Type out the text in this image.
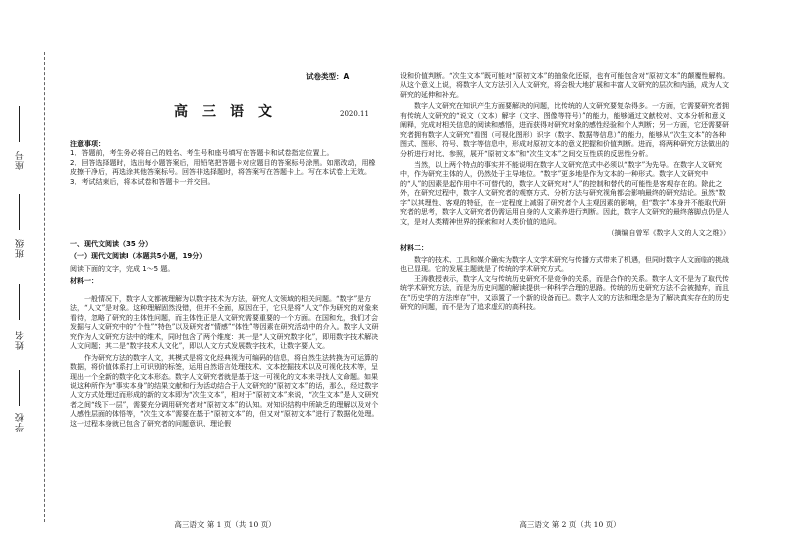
学校
姓名
班级
座号
试卷类型：A
高三语文	2020.11

注意事项：

1．答题前，考生务必将自己的姓名、考生号和座号填写在答题卡和试卷指定位置上。

2．回答选择题时，选出每小题答案后，用铅笔把答题卡对应题目的答案标号涂黑。如需改动，用橡皮擦干净后，再选涂其他答案标号。回答非选择题时，将答案写在答题卡上。写在本试卷上无效。

3．考试结束后，将本试卷和答题卡一并交回。

一、现代文阅读（35 分）

（一）现代文阅读Ⅰ（本题共5小题，19分）

阅读下面的文字，完成 1～5 题。

材料一：

一般情况下，数字人文都被理解为以数字技术为方法，研究人文领域的相关问题。“数字”是方法，“人文”是对象。这种理解固然没错，但并不全面，原因在于，它只是将“人文”作为研究的对象来看待，忽略了研究的主体性问题，而主体性正是人文研究需要重要的一个方面。在国和允，我们才会发掘与人文研究中的“个性”“特色”以及研究者“情感”“体性”等因素在研究活动中的介入。数字人文研究作为人文研究方法中的维术，同时包含了两个维度：其一是“人文研究数字化”，即用数字技术解决人文问题；其二是“数字技术人文化”，即以人文方式发展数字技术，让数字要人文。

作为研究方法的数字人文，其模式是将文化经典视为可编码的信息，将自然生法转换为可运算的数据，将价值体系打上可识别的标签，运用自然语言处理技术、文本挖掘技术以及可视化技术等，呈现出一个全新的数字化文本形态。数字人文研究者就是基于这一可视化的文本来寻找人文命题。如果说这种所作为“事实本身”的结果文献和行为活动结合于人文研究的“原初文本”的话，那么，经过数字人文方式处理过而形成的新的文本即为“次生文本”，相对于“原初文本”来说，“次生文本”是人文研究者之间“线下一层”，需要充分调用研究者对“原初文本”的认知。对知识结构中所缺乏的理解以及对个人感性层面的体悟等，“次生文本”需要在基于“原初文本”的，但又对“原初文本”进行了数据化处理。这一过程本身就已包含了研究者的问题意识、理论假

高三语文 第 1 页（共 10 页）

设和价值判断。“次生文本”既可能对“原初文本”的抽象化还原，也有可能包含对“原初文本”的颠覆性解构。从这个意义上说，将数字人文方法引入人文研究，将会极大地扩展和丰富人文研究的层次和内涵，成为人文研究的延伸和补充。

数字人文研究在知识产生方面要解决的问题，比传统的人文研究要复杂得多。一方面，它需要研究者拥有传统人文研究的“说文（文本）解字（文字、图像等符号）”的能力，能够通过文献校对、文本分析和意义阐释，完成对相关信息的阅读和感悟，进而获得对研究对象的感性经验和个人判断；另一方面，它还需要研究者拥有数字人文研究“看图（可视化图形）识字（数字、数据等信息）”的能力，能够从“次生文本”的各种图式、图形、符号、数字等信息中，形成对原初文本的意义把握和价值判断。进而，将两种研究方法做出的分析进行对比、参照，展开“原初文本”和“次生文本”之间交互性质的反思性分析。

当然，以上两个特点的事实并不能说明在数字人文研究范式中必须以“数字”为先导。在数字人文研究中，作为研究主体的人，仍然处于主导地位。“数字”更多地是作为文本的一种形式。数字人文研究中的“人”的因素是起作用中不可替代的，数字人文研究对“人”的控制和替代的可能性是客观存在的。除此之外，在研究过程中，数字人文研究者的观察方式、分析方法与研究视角都会影响最终的研究结论。虽然“数字”以其理性、客观的特征，在一定程度上减弱了研究者个人主观因素的影响，但“数字”本身并不能取代研究者的思考，数字人文研究者仍需运用自身的人文素养进行判断。因此，数字人文研究的最终落脚点仍是人文，是对人类精神世界的探索和对人类价值的追问。

（摘编自曾军《数字人文的人文之维》）

材料二：

数字的技术、工具和媒介确实为数字人文学术研究与传播方式带来了机遇，但同时数字人文面临的挑战也已显现。它的发展主题就是了传统的学术研究方式。

王涛教授表示，数字人文与传统历史研究不是竞争的关系，而是合作的关系。数字人文不是为了取代传统学术研究方法，而是为历史问题的解读提供一种科学合理的思路。传统的历史研究方法不会被抛弃，而且在“历史学的方法库存”中，又添置了一个新的设备而已。数字人文的方法和理念是为了解决真实存在的历史研究的问题，而不是为了追求虚幻的高科技。

高三语文 第 2 页（共 10 页）
